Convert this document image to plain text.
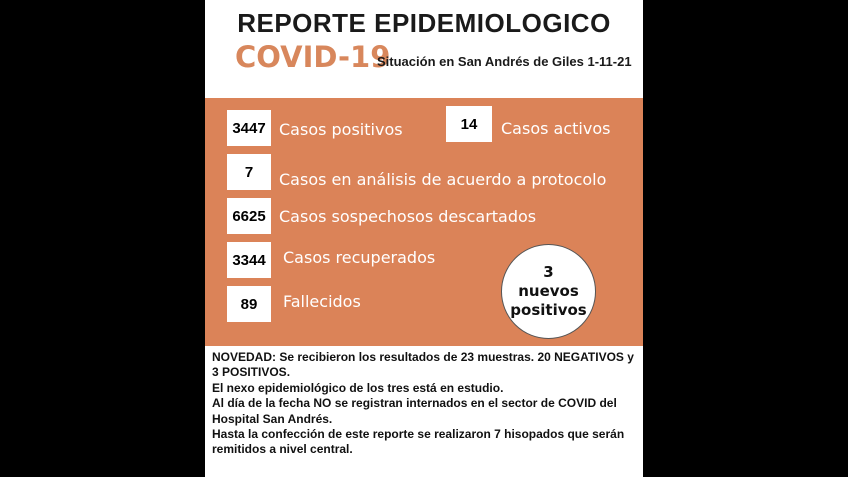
REPORTE EPIDEMIOLOGICO
COVID-19
Situación en San Andrés de Giles 1-11-21
3447 Casos positivos	14	Casos activos
7	Casos en análisis de acuerdo a protocolo
6625 Casos sospechosos descartados
3344	Casos recuperados
89	Fallecidos
3
nuevos
positivos
NOVEDAD: Se recibieron los resultados de 23 muestras. 20 NEGATIVOS y 3 POSITIVOS.
El nexo epidemiológico de los tres está en estudio.
Al día de la fecha NO se registran internados en el sector de COVID del Hospital San Andrés.
Hasta la confección de este reporte se realizaron 7 hisopados que serán remitidos a nivel central.
